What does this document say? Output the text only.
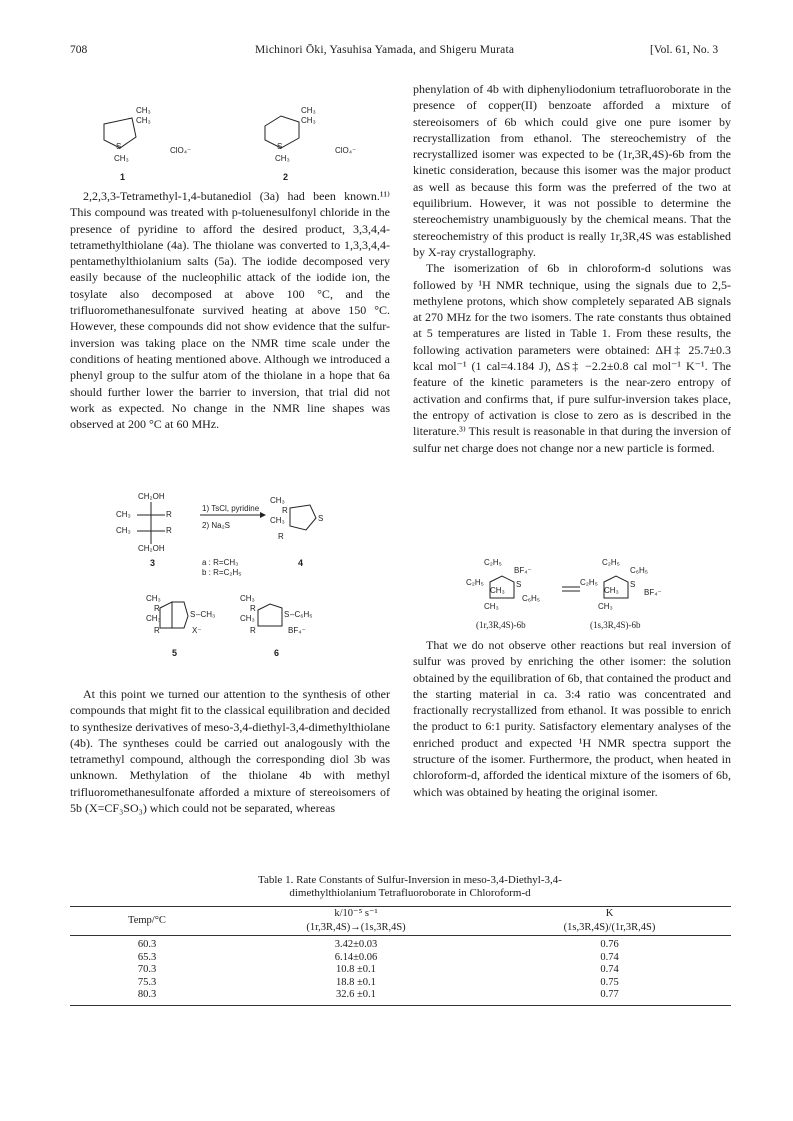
708	Michinori Ōki, Yasuhisa Yamada, and Shigeru Murata	[Vol. 61, No. 3
CH₃
CH₃
S
CH₃
ClO₄⁻
1
CH₃
CH₃
S
CH₃
ClO₄⁻
2

2,2,3,3-Tetramethyl-1,4-butanediol (3a) had been known.¹¹⁾ This compound was treated with p-toluenesulfonyl chloride in the presence of pyridine to afford the desired product, 3,3,4,4-tetramethylthiolane (4a). The thiolane was converted to 1,3,3,4,4-pentamethylthiolanium salts (5a). The iodide decomposed very easily because of the nucleophilic attack of the iodide ion, the tosylate also decomposed at above 100 °C, and the trifluoromethanesulfonate survived heating at above 150 °C. However, these compounds did not show evidence that the sulfur-inversion was taking place on the NMR time scale under the conditions of heating mentioned above. Although we introduced a phenyl group to the sulfur atom of the thiolane in a hope that 6a should further lower the barrier to inversion, that trial did not work as expected. No change in the NMR line shapes was observed at 200 °C at 60 MHz.

CH₂OH
CH₃	R
CH₃	R
CH₂OH
1) TsCl, pyridine
2) Na₂S
CH₃
R
CH₃	S
R
3	4
a : R=CH₃
b : R=C₂H₅
CH₃
R
CH₃	S –CH₃
R	X⁻
CH₃
R
CH₃	S –C₆H₅
R	BF₄⁻
5	6

At this point we turned our attention to the synthesis of other compounds that might fit to the classical equilibration and decided to synthesize derivatives of meso-3,4-diethyl-3,4-dimethylthiolane (4b). The syntheses could be carried out analogously with the tetramethyl compound, although the corresponding diol 3b was unknown. Methylation of the thiolane 4b with methyl trifluoromethanesulfonate afforded a mixture of stereoisomers of 5b (X=CF₃SO₃) which could not be separated, whereas

phenylation of 4b with diphenyliodonium tetrafluoroborate in the presence of copper(II) benzoate afforded a mixture of stereoisomers of 6b which could give one pure isomer by recrystallization from ethanol. The stereochemistry of the recrystallized isomer was expected to be (1r,3R,4S)-6b from the kinetic consideration, because this isomer was the major product as well as because this form was the preferred of the two at equilibrium. However, it was not possible to determine the stereochemistry unambiguously by the chemical means. That the stereochemistry of this product is really 1r,3R,4S was established by X-ray crystallography.

The isomerization of 6b in chloroform-d solutions was followed by ¹H NMR technique, using the signals due to 2,5-methylene protons, which show completely separated AB signals at 270 MHz for the two isomers. The rate constants thus obtained at 5 temperatures are listed in Table 1. From these results, the following activation parameters were obtained: ΔH‡ 25.7±0.3 kcal mol⁻¹ (1 cal=4.184 J), ΔS‡ −2.2±0.8 cal mol⁻¹ K⁻¹. The feature of the kinetic parameters is the near-zero entropy of activation and confirms that, if pure sulfur-inversion takes place, the entropy of activation is close to zero as is described in the literature.³⁾ This result is reasonable in that during the inversion of sulfur net charge does not change nor a new particle is formed.

C₂H₅
BF₄⁻
C₂H₅
CH₃
S
C₆H₅
CH₃
(1r,3R,4S)-6b
C₂H₅
C₆H₅
C₂H₅
CH₃
S
BF₄⁻
CH₃
(1s,3R,4S)-6b

That we do not observe other reactions but real inversion of sulfur was proved by enriching the other isomer: the solution obtained by the equilibration of 6b, that contained the product and the starting material in ca. 3:4 ratio was concentrated and fractionally recrystallized from ethanol. It was possible to enrich the product to 6:1 purity. Satisfactory elementary analyses of the enriched product and expected ¹H NMR spectra support the structure of the isomer. Furthermore, the product, when heated in chloroform-d, afforded the identical mixture of the isomers of 6b, which was obtained by heating the original isomer.

Table 1. Rate Constants of Sulfur-Inversion in meso-3,4-Diethyl-3,4-
dimethylthiolanium Tetrafluoroborate in Chloroform-d
Temp/°C	k/10⁻⁵ s⁻¹	K
	(1r,3R,4S)→(1s,3R,4S)	(1s,3R,4S)/(1r,3R,4S)
60.3	3.42±0.03	0.76
65.3	6.14±0.06	0.74
70.3	10.8 ±0.1	0.74
75.3	18.8 ±0.1	0.75
80.3	32.6 ±0.1	0.77
